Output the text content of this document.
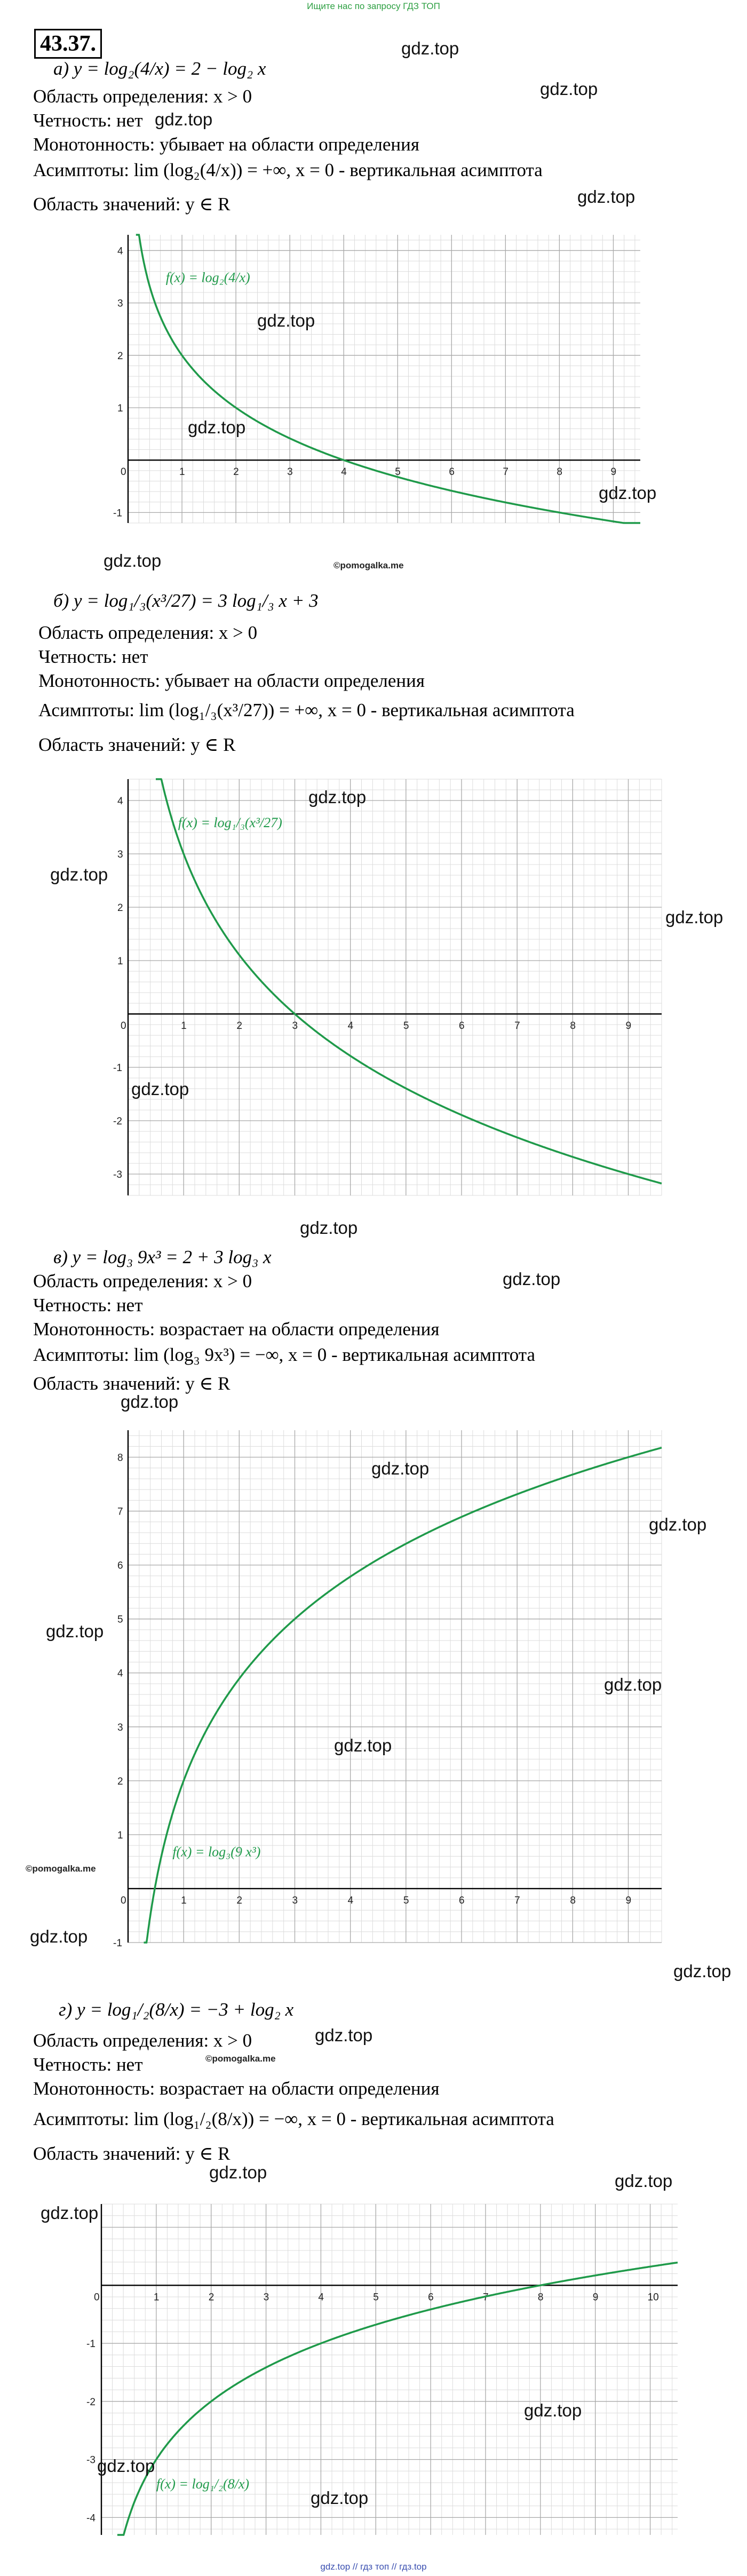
Ищите нас по запросу ГДЗ ТОП
43.37.
а) y = log₂(4/x) = 2 − log₂ x
Область определения: x > 0
Четность: нет
Монотонность: убывает на области определения
Асимптоты: lim (log₂(4/x)) = +∞, x = 0 - вертикальная асимптота
Область значений: y ∈ R
0	1	2	3	4	5	6	7	8	9
4
3
2
1
-1
f(x) = log₂(4/x)
б) y = log₁/₃(x³/27) = 3 log₁/₃ x + 3
Область определения: x > 0
Четность: нет
Монотонность: убывает на области определения
Асимптоты: lim (log₁/₃(x³/27)) = +∞, x = 0 - вертикальная асимптота
Область значений: y ∈ R
0	1	2	3	4	5	6	7	8	9
4
3
2
1
-1
-2
-3
f(x) = log₁/₃(x³/27)
в) y = log₃ 9x³ = 2 + 3 log₃ x
Область определения: x > 0
Четность: нет
Монотонность: возрастает на области определения
Асимптоты: lim (log₃ 9x³) = −∞, x = 0 - вертикальная асимптота
Область значений: y ∈ R
0	1	2	3	4	5	6	7	8	9
8
7
6
5
4
3
2
1
-1
f(x) = log₃(9 x³)
г) y = log₁/₂(8/x) = −3 + log₂ x
Область определения: x > 0
Четность: нет
Монотонность: возрастает на области определения
Асимптоты: lim (log₁/₂(8/x)) = −∞, x = 0 - вертикальная асимптота
Область значений: y ∈ R
0	1	2	3	4	5	6	7	8	9	10
-1
-2
-3
-4
f(x) = log₁/₂(8/x)
gdz.top
gdz.top
gdz.top
gdz.top
gdz.top
gdz.top
gdz.top
gdz.top	©pomogalka.me
gdz.top
gdz.top
gdz.top
gdz.top
gdz.top
gdz.top
gdz.top
gdz.top
gdz.top
gdz.top
gdz.top
gdz.top
©pomogalka.me
gdz.top
gdz.top
gdz.top
©pomogalka.me
gdz.top
gdz.top
gdz.top
gdz.top
gdz.top
gdz.top
gdz.top // гдз топ // гдз.top
